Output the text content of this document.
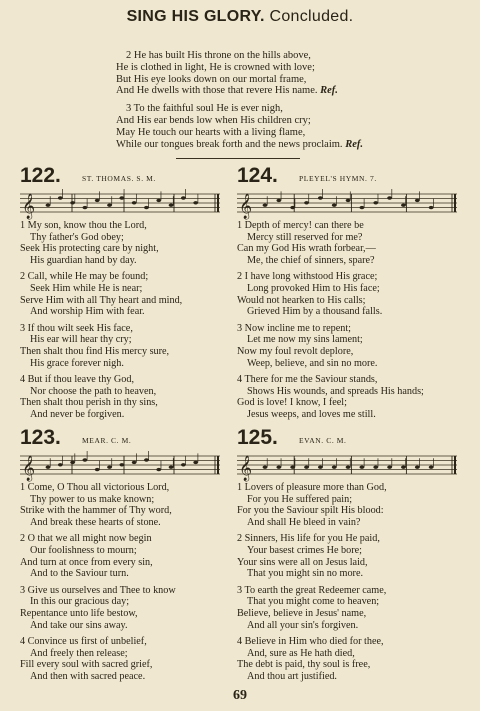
SING HIS GLORY. Concluded.
2 He has built His throne on the hills above,
He is clothed in light, He is crowned with love;
But His eye looks down on our mortal frame,
And He dwells with those that revere His name. Ref.
3 To the faithful soul He is ever nigh,
And His ear bends low when His children cry;
May He touch our hearts with a living flame,
While our tongues break forth and the news proclaim. Ref.
122.	ST. THOMAS. S. M.
𝄞
1 My son, know thou the Lord,
Thy father's God obey;
Seek His protecting care by night,
His guardian hand by day.
2 Call, while He may be found;
Seek Him while He is near;
Serve Him with all Thy heart and mind,
And worship Him with fear.
3 If thou wilt seek His face,
His ear will hear thy cry;
Then shalt thou find His mercy sure,
His grace forever nigh.
4 But if thou leave thy God,
Nor choose the path to heaven,
Then shalt thou perish in thy sins,
And never be forgiven.
124.	PLEYEL'S HYMN. 7.
𝄞
1 Depth of mercy! can there be
Mercy still reserved for me?
Can my God His wrath forbear,—
Me, the chief of sinners, spare?
2 I have long withstood His grace;
Long provoked Him to His face;
Would not hearken to His calls;
Grieved Him by a thousand falls.
3 Now incline me to repent;
Let me now my sins lament;
Now my foul revolt deplore,
Weep, believe, and sin no more.
4 There for me the Saviour stands,
Shows His wounds, and spreads His hands;
God is love! I know, I feel;
Jesus weeps, and loves me still.
123.	MEAR. C. M.
𝄞
1 Come, O Thou all victorious Lord,
Thy power to us make known;
Strike with the hammer of Thy word,
And break these hearts of stone.
2 O that we all might now begin
Our foolishness to mourn;
And turn at once from every sin,
And to the Saviour turn.
3 Give us ourselves and Thee to know
In this our gracious day;
Repentance unto life bestow,
And take our sins away.
4 Convince us first of unbelief,
And freely then release;
Fill every soul with sacred grief,
And then with sacred peace.
125.	EVAN. C. M.
𝄞
1 Lovers of pleasure more than God,
For you He suffered pain;
For you the Saviour spilt His blood:
And shall He bleed in vain?
2 Sinners, His life for you He paid,
Your basest crimes He bore;
Your sins were all on Jesus laid,
That you might sin no more.
3 To earth the great Redeemer came,
That you might come to heaven;
Believe, believe in Jesus' name,
And all your sin's forgiven.
4 Believe in Him who died for thee,
And, sure as He hath died,
The debt is paid, thy soul is free,
And thou art justified.
69
